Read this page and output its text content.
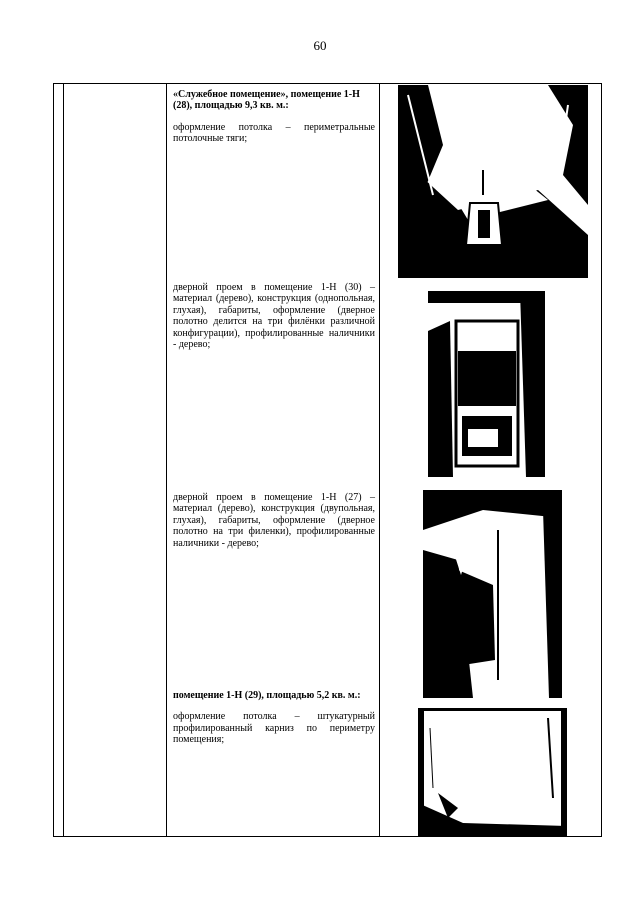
60

«Служебное помещение», помещение 1-Н (28), площадью 9,3 кв. м.:

оформление потолка – периметральные потолочные тяги;

дверной проем в помещение 1-Н (30) – материал (дерево), конструкция (однопольная, глухая), габариты, оформление (дверное полотно делится на три филёнки различной конфигурации), профилированные наличники - дерево;

дверной проем в помещение 1-Н (27) – материал (дерево), конструкция (двупольная, глухая), габариты, оформление (дверное полотно на три филенки), профилированные наличники - дерево;

помещение 1-Н (29), площадью 5,2 кв. м.:

оформление потолка – штукатурный профилированный карниз по периметру помещения;
